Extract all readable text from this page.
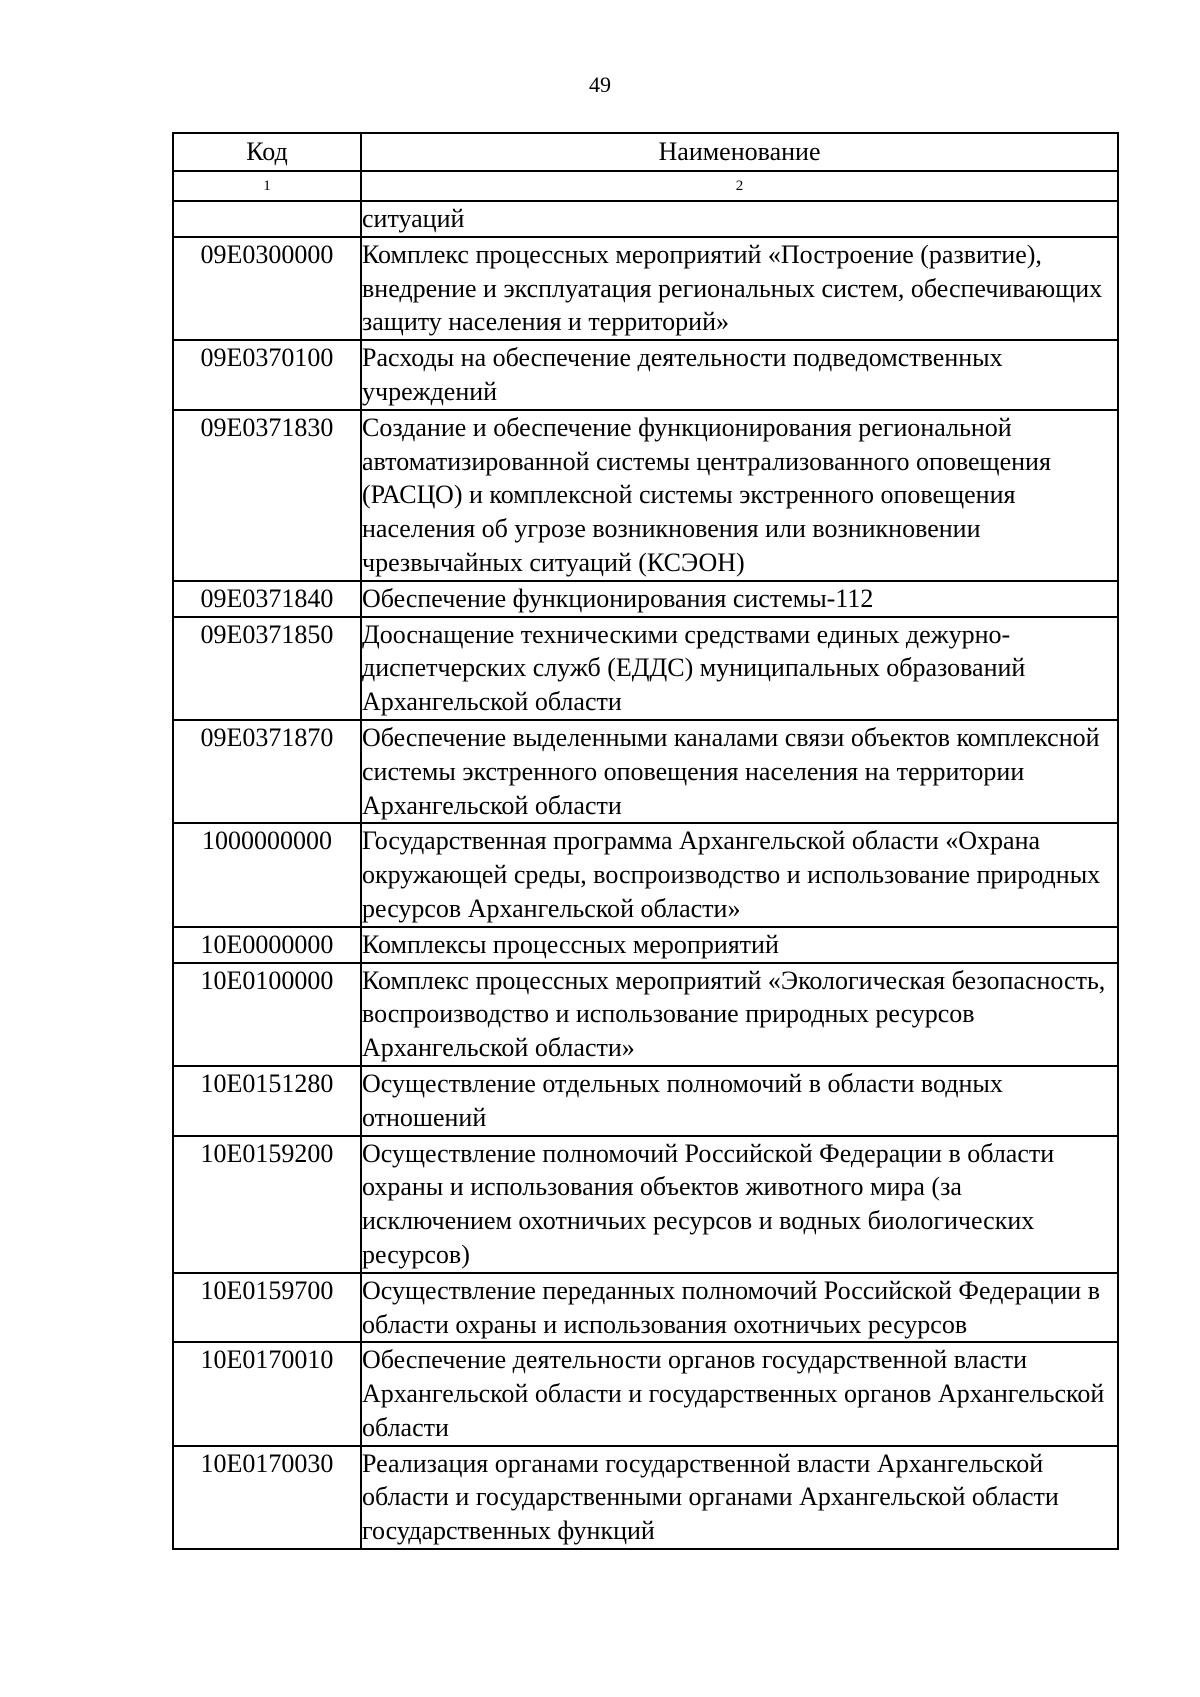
49
Код	Наименование
1	2
	ситуаций
09Е0300000	Комплекс процессных мероприятий «Построение (развитие), внедрение и эксплуатация региональных систем, обеспечивающих защиту населения и территорий»
09Е0370100	Расходы на обеспечение деятельности подведомственных учреждений
09Е0371830	Создание и обеспечение функционирования региональной автоматизированной системы централизованного оповещения (РАСЦО) и комплексной системы экстренного оповещения населения об угрозе возникновения или возникновении чрезвычайных ситуаций (КСЭОН)
09Е0371840	Обеспечение функционирования системы-112
09Е0371850	Дооснащение техническими средствами единых дежурно-диспетчерских служб (ЕДДС) муниципальных образований Архангельской области
09Е0371870	Обеспечение выделенными каналами связи объектов комплексной системы экстренного оповещения населения на территории Архангельской области
1000000000	Государственная программа Архангельской области «Охрана окружающей среды, воспроизводство и использование природных ресурсов Архангельской области»
10Е0000000	Комплексы процессных мероприятий
10Е0100000	Комплекс процессных мероприятий «Экологическая безопасность, воспроизводство и использование природных ресурсов Архангельской области»
10Е0151280	Осуществление отдельных полномочий в области водных отношений
10Е0159200	Осуществление полномочий Российской Федерации в области охраны и использования объектов животного мира (за исключением охотничьих ресурсов и водных биологических ресурсов)
10Е0159700	Осуществление переданных полномочий Российской Федерации в области охраны и использования охотничьих ресурсов
10Е0170010	Обеспечение деятельности органов государственной власти Архангельской области и государственных органов Архангельской области
10Е0170030	Реализация органами государственной власти Архангельской области и государственными органами Архангельской области государственных функций
